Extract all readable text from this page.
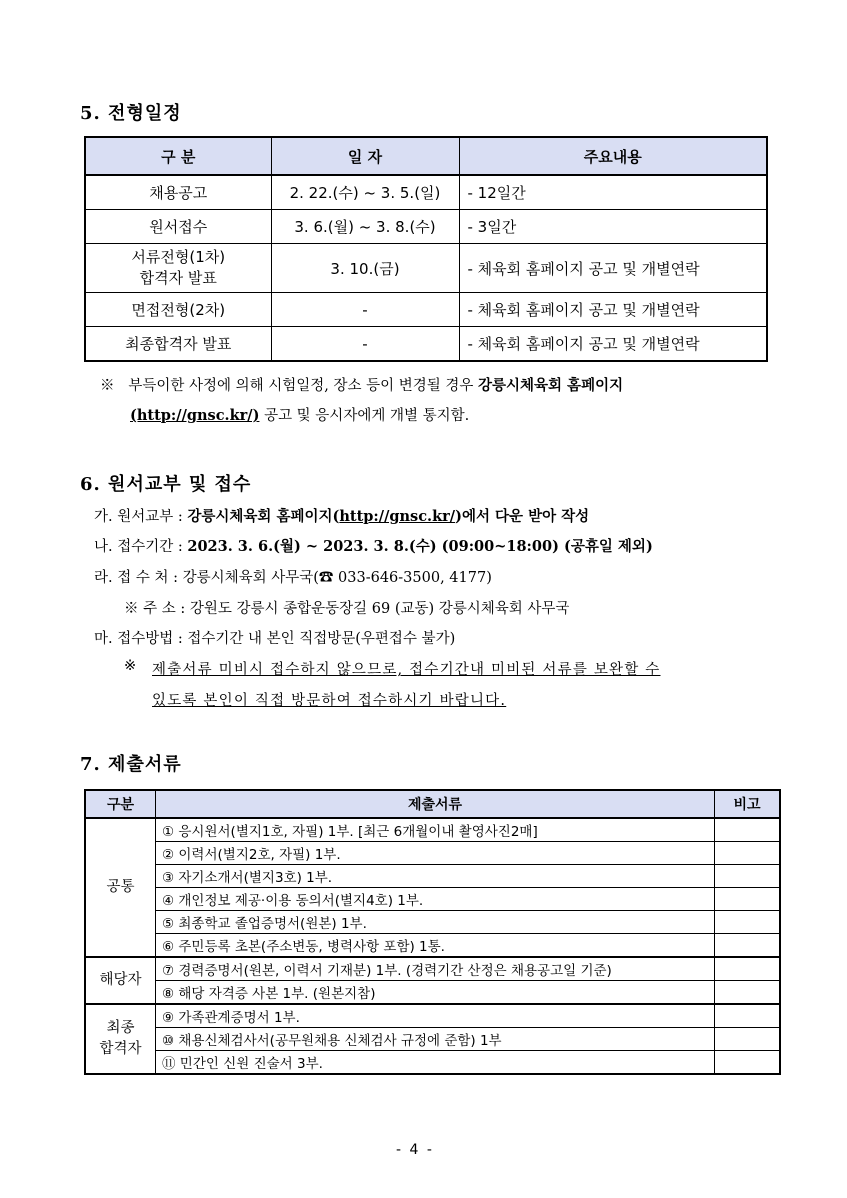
5. 전형일정
구 분	일 자	주요내용
채용공고	2. 22.(수) ~ 3. 5.(일)	- 12일간
원서접수	3. 6.(월) ~ 3. 8.(수)	- 3일간
서류전형(1차)
합격자 발표	3. 10.(금)	- 체육회 홈페이지 공고 및 개별연락
면접전형(2차)	-	- 체육회 홈페이지 공고 및 개별연락
최종합격자 발표	-	- 체육회 홈페이지 공고 및 개별연락
※ 부득이한 사정에 의해 시험일정, 장소 등이 변경될 경우 강릉시체육회 홈페이지
(http://gnsc.kr/) 공고 및 응시자에게 개별 통지함.
6. 원서교부 및 접수
가. 원서교부 : 강릉시체육회 홈페이지(http://gnsc.kr/)에서 다운 받아 작성
나. 접수기간 : 2023. 3. 6.(월) ~ 2023. 3. 8.(수) (09:00~18:00) (공휴일 제외)
라. 접 수 처 : 강릉시체육회 사무국(☎ 033-646-3500, 4177)
※ 주 소 : 강원도 강릉시 종합운동장길 69 (교동) 강릉시체육회 사무국
마. 접수방법 : 접수기간 내 본인 직접방문(우편접수 불가)
※ 제출서류 미비시 접수하지 않으므로, 접수기간내 미비된 서류를 보완할 수
있도록 본인이 직접 방문하여 접수하시기 바랍니다.
7. 제출서류
구분	제출서류	비고
공통	① 응시원서(별지1호, 자필) 1부. [최근 6개월이내 촬영사진2매]	
	② 이력서(별지2호, 자필) 1부.	
	③ 자기소개서(별지3호) 1부.	
	④ 개인정보 제공·이용 동의서(별지4호) 1부.	
	⑤ 최종학교 졸업증명서(원본) 1부.	
	⑥ 주민등록 초본(주소변동, 병력사항 포함) 1통.	
해당자	⑦ 경력증명서(원본, 이력서 기재분) 1부. (경력기간 산정은 채용공고일 기준)	
	⑧ 해당 자격증 사본 1부. (원본지참)	
최종
합격자	⑨ 가족관계증명서 1부.	
	⑩ 채용신체검사서(공무원채용 신체검사 규정에 준함) 1부	
	⑪ 민간인 신원 진술서 3부.	
- 4 -
